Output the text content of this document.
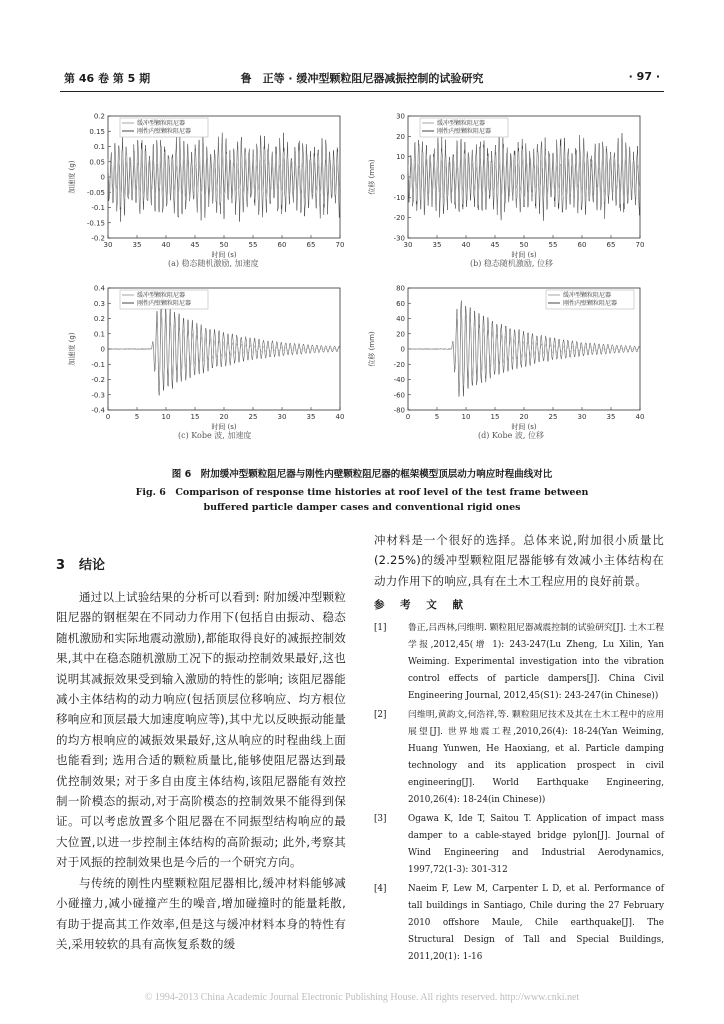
第 46 卷 第 5 期	鲁　正等 · 缓冲型颗粒阻尼器减振控制的试验研究	· 97 ·
30	35	40	45	50	55	60	65	70
0.2
0.15
0.1
0.05
0
-0.05
-0.1
-0.15
-0.2
时间 (s)
加速度 (g)
缓冲型颗粒阻尼器
刚性内壁颗粒阻尼器
(a) 稳态随机激励, 加速度
30	35	40	45	50	55	60	65	70
30
20
10
0
-10
-20
-30
时间 (s)
位移 (mm)
缓冲型颗粒阻尼器
刚性内壁颗粒阻尼器
(b) 稳态随机激励, 位移
0	5	10	15	20	25	30	35	40
0.4
0.3
0.2
0.1
0
-0.1
-0.2
-0.3
-0.4
时间 (s)
加速度 (g)
缓冲型颗粒阻尼器
刚性内壁颗粒阻尼器
(c) Kobe 波, 加速度
0	5	10	15	20	25	30	35	40
80
60
40
20
0
-20
-40
-60
-80
时间 (s)
位移 (mm)
缓冲型颗粒阻尼器
刚性内壁颗粒阻尼器
(d) Kobe 波, 位移
图 6　附加缓冲型颗粒阻尼器与刚性内壁颗粒阻尼器的框架模型顶层动力响应时程曲线对比
Fig. 6　Comparison of response time histories at roof level of the test frame between
buffered particle damper cases and conventional rigid ones
3 结论

通过以上试验结果的分析可以看到: 附加缓冲型颗粒阻尼器的钢框架在不同动力作用下(包括自由振动、稳态随机激励和实际地震动激励),都能取得良好的减振控制效果,其中在稳态随机激励工况下的振动控制效果最好,这也说明其减振效果受到输入激励的特性的影响; 该阻尼器能减小主体结构的动力响应(包括顶层位移响应、均方根位移响应和顶层最大加速度响应等),其中尤以反映振动能量的均方根响应的减振效果最好,这从响应的时程曲线上面也能看到; 选用合适的颗粒质量比,能够使阻尼器达到最优控制效果; 对于多自由度主体结构,该阻尼器能有效控制一阶模态的振动,对于高阶模态的控制效果不能得到保证。可以考虑放置多个阻尼器在不同振型结构响应的最大位置,以进一步控制主体结构的高阶振动; 此外,考察其对于风振的控制效果也是今后的一个研究方向。

与传统的刚性内壁颗粒阻尼器相比,缓冲材料能够减小碰撞力,减小碰撞产生的噪音,增加碰撞时的能量耗散,有助于提高其工作效率,但是这与缓冲材料本身的特性有关,采用较软的具有高恢复系数的缓

冲材料是一个很好的选择。总体来说,附加很小质量比(2.25%)的缓冲型颗粒阻尼器能够有效减小主体结构在动力作用下的响应,具有在土木工程应用的良好前景。

参 考 文 献
[1] 鲁正,吕西林,闫维明. 颗粒阻尼器减震控制的试验研究[J]. 土木工程学报,2012,45(增 1): 243-247(Lu Zheng, Lu Xilin, Yan Weiming. Experimental investigation into the vibration control effects of particle dampers[J]. China Civil Engineering Journal, 2012,45(S1): 243-247(in Chinese))
[2] 闫维明,黄韵文,何浩祥,等. 颗粒阻尼技术及其在土木工程中的应用展望[J]. 世界地震工程,2010,26(4): 18-24(Yan Weiming, Huang Yunwen, He Haoxiang, et al. Particle damping technology and its application prospect in civil engineering[J]. World Earthquake Engineering, 2010,26(4): 18-24(in Chinese))
[3] Ogawa K, Ide T, Saitou T. Application of impact mass damper to a cable-stayed bridge pylon[J]. Journal of Wind Engineering and Industrial Aerodynamics, 1997,72(1-3): 301-312
[4] Naeim F, Lew M, Carpenter L D, et al. Performance of tall buildings in Santiago, Chile during the 27 February 2010 offshore Maule, Chile earthquake[J]. The Structural Design of Tall and Special Buildings, 2011,20(1): 1-16
© 1994-2013 China Academic Journal Electronic Publishing House. All rights reserved. http://www.cnki.net
